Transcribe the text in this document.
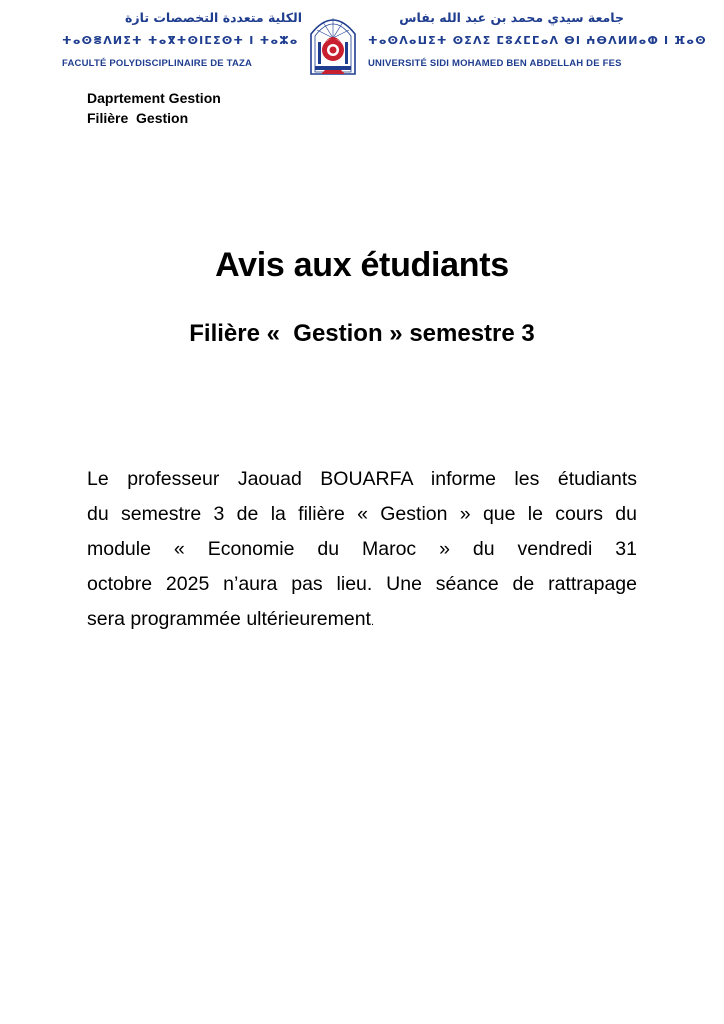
الكلية متعددة التخصصات تازة
ⵜⴰⵙⴻⴷⵍⵉⵜ ⵜⴰⴳⵜⵙⵏⵎⵉⵙⵜ ⵏ ⵜⴰⵣⴰ
FACULTÉ POLYDISCIPLINAIRE DE TAZA
جامعة سيدي محمد بن عبد الله بفاس
ⵜⴰⵙⴷⴰⵡⵉⵜ ⵙⵉⴷⵉ ⵎⵓⵃⵎⵎⴰⴷ ⴱⵏ ⵄⴱⴷⵍⵍⴰⵀ ⵏ ⴼⴰⵙ
UNIVERSITÉ SIDI MOHAMED BEN ABDELLAH DE FES
Daprtement Gestion
Filière  Gestion
Avis aux étudiants
Filière «  Gestion » semestre 3
Le professeur Jaouad BOUARFA informe les étudiants
du semestre 3 de la filière « Gestion » que le cours du
module « Economie du Maroc » du vendredi 31
octobre 2025 n’aura pas lieu. Une séance de rattrapage
sera programmée ultérieurement.
